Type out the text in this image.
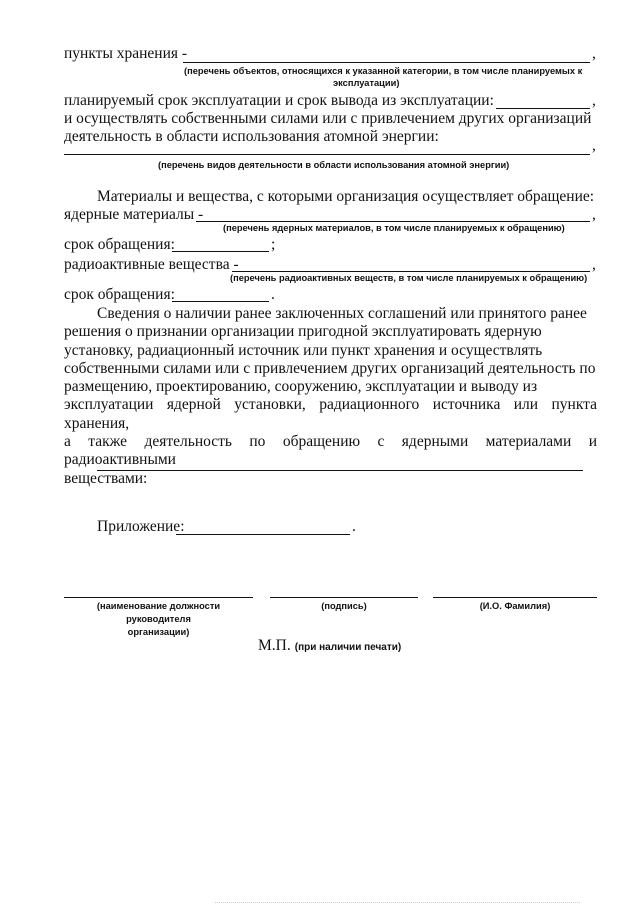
пункты хранения -	,
(перечень объектов, относящихся к указанной категории, в том числе планируемых к
эксплуатации)
планируемый срок эксплуатации и срок вывода из эксплуатации:	,
и осуществлять собственными силами или с привлечением других организаций
деятельность в области использования атомной энергии:
,
(перечень видов деятельности в области использования атомной энергии)
Материалы и вещества, с которыми организация осуществляет обращение:
ядерные материалы -	,
(перечень ядерных материалов, в том числе планируемых к обращению)
срок обращения:	;
радиоактивные вещества -	,
(перечень радиоактивных веществ, в том числе планируемых к обращению)
срок обращения:	.
Сведения о наличии ранее заключенных соглашений или принятого ранее
решения о признании организации пригодной эксплуатировать ядерную
установку, радиационный источник или пункт хранения и осуществлять
собственными силами или с привлечением других организаций деятельность по
размещению, проектированию, сооружению, эксплуатации и выводу из
эксплуатации ядерной установки, радиационного источника или пункта хранения,
а также деятельность по обращению с ядерными материалами и радиоактивными
веществами:
Приложение:	.
(наименование должности руководителя
организации)
(подпись)	(И.О. Фамилия)
М.П. (при наличии печати)
